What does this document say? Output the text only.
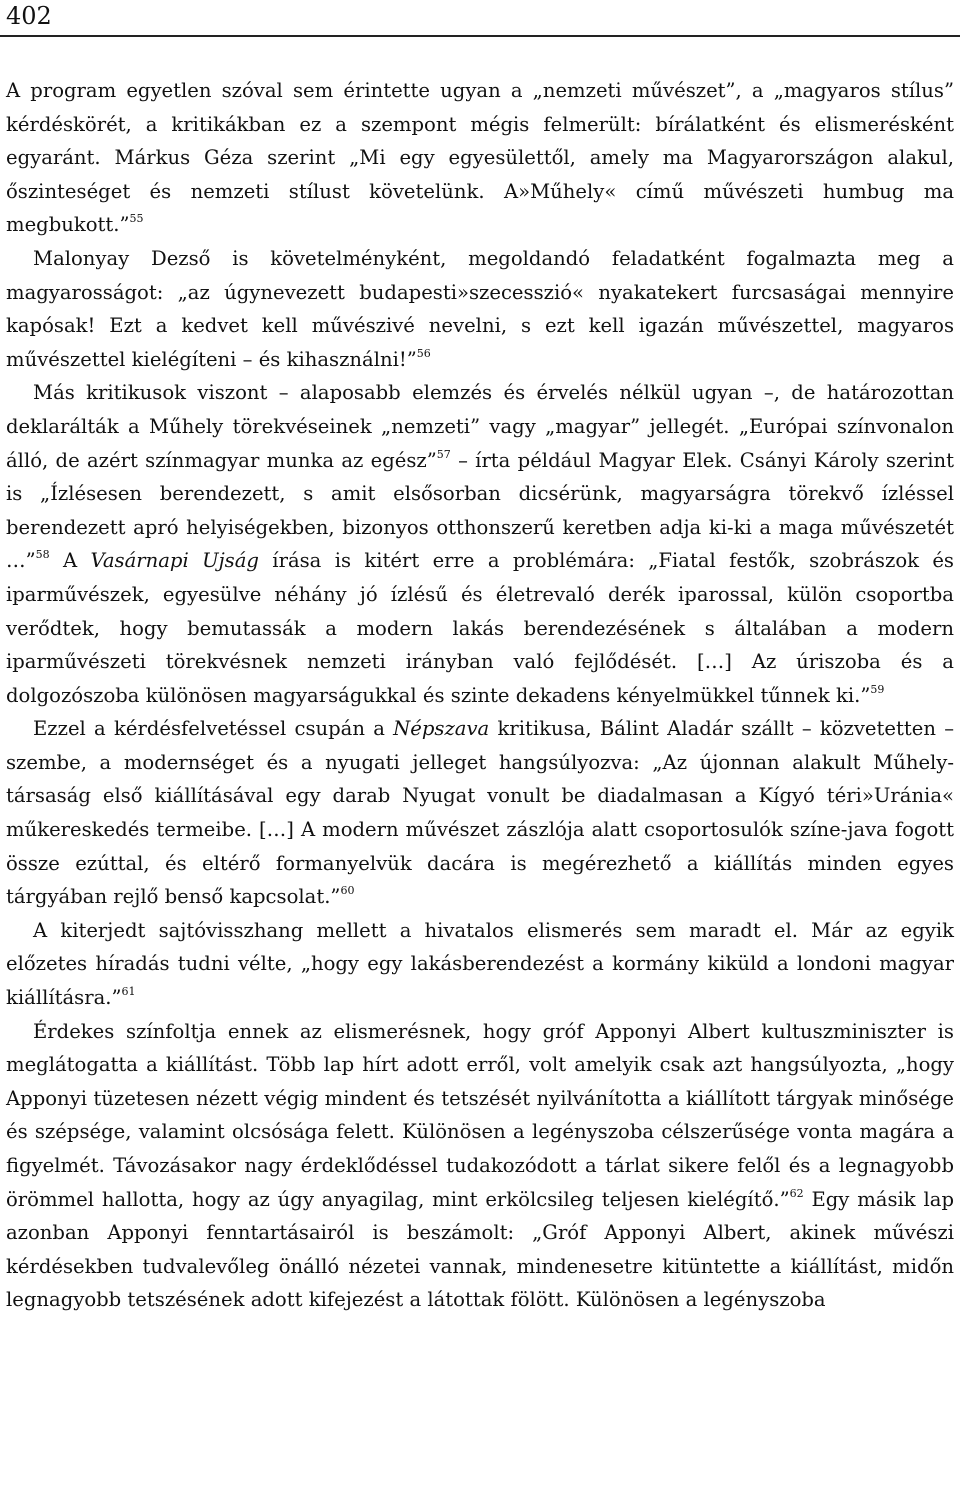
402

A program egyetlen szóval sem érintette ugyan a „nemzeti művészet”, a „magyaros stílus” kérdéskörét, a kritikákban ez a szempont mégis felmerült: bírálatként és elismerésként egyaránt. Márkus Géza szerint „Mi egy egyesülettől, amely ma Magyarországon alakul, őszinteséget és nemzeti stílust követelünk. A»Műhely« című művészeti humbug ma megbukott.”$^{55}$

Malonyay Dezső is követelményként, megoldandó feladatként fogalmazta meg a magyarosságot: „az úgynevezett budapesti»szecesszió« nyakatekert furcsaságai mennyire kapósak! Ezt a kedvet kell művészivé nevelni, s ezt kell igazán művészettel, magyaros művészettel kielégíteni – és kihasználni!”$^{56}$

Más kritikusok viszont – alaposabb elemzés és érvelés nélkül ugyan –, de határozottan deklarálták a Műhely törekvéseinek „nemzeti” vagy „magyar” jellegét. „Európai színvonalon álló, de azért színmagyar munka az egész”$^{57}$ – írta például Magyar Elek. Csányi Károly szerint is „Ízlésesen berendezett, s amit elsősorban dicsérünk, magyarságra törekvő ízléssel berendezett apró helyiségekben, bizonyos otthonszerű keretben adja ki-ki a maga művészetét …”$^{58}$ A Vasárnapi Ujság írása is kitért erre a problémára: „Fiatal festők, szobrászok és iparművészek, egyesülve néhány jó ízlésű és életrevaló derék iparossal, külön csoportba verődtek, hogy bemutassák a modern lakás berendezésének s általában a modern iparművészeti törekvésnek nemzeti irányban való fejlődését. […] Az úriszoba és a dolgozószoba különösen magyarságukkal és szinte dekadens kényelmükkel tűnnek ki.”$^{59}$

Ezzel a kérdésfelvetéssel csupán a Népszava kritikusa, Bálint Aladár szállt – közvetetten – szembe, a modernséget és a nyugati jelleget hangsúlyozva: „Az újonnan alakult Műhely-társaság első kiállításával egy darab Nyugat vonult be diadalmasan a Kígyó téri»Uránia« műkereskedés termeibe. […] A modern művészet zászlója alatt csoportosulók színe-java fogott össze ezúttal, és eltérő formanyelvük dacára is megérezhető a kiállítás minden egyes tárgyában rejlő benső kapcsolat.”$^{60}$

A kiterjedt sajtóvisszhang mellett a hivatalos elismerés sem maradt el. Már az egyik előzetes híradás tudni vélte, „hogy egy lakásberendezést a kormány kiküld a londoni magyar kiállításra.”$^{61}$

Érdekes színfoltja ennek az elismerésnek, hogy gróf Apponyi Albert kultuszminiszter is meglátogatta a kiállítást. Több lap hírt adott erről, volt amelyik csak azt hangsúlyozta, „hogy Apponyi tüzetesen nézett végig mindent és tetszését nyilvánította a kiállított tárgyak minősége és szépsége, valamint olcsósága felett. Különösen a legényszoba célszerűsége vonta magára a figyelmét. Távozásakor nagy érdeklődéssel tudakozódott a tárlat sikere felől és a legnagyobb örömmel hallotta, hogy az úgy anyagilag, mint erkölcsileg teljesen kielégítő.”$^{62}$ Egy másik lap azonban Apponyi fenntartásairól is beszámolt: „Gróf Apponyi Albert, akinek művészi kérdésekben tudvalevőleg önálló nézetei vannak, mindenesetre kitüntette a kiállítást, midőn legnagyobb tetszésének adott kifejezést a látottak fölött. Különösen a legényszoba
